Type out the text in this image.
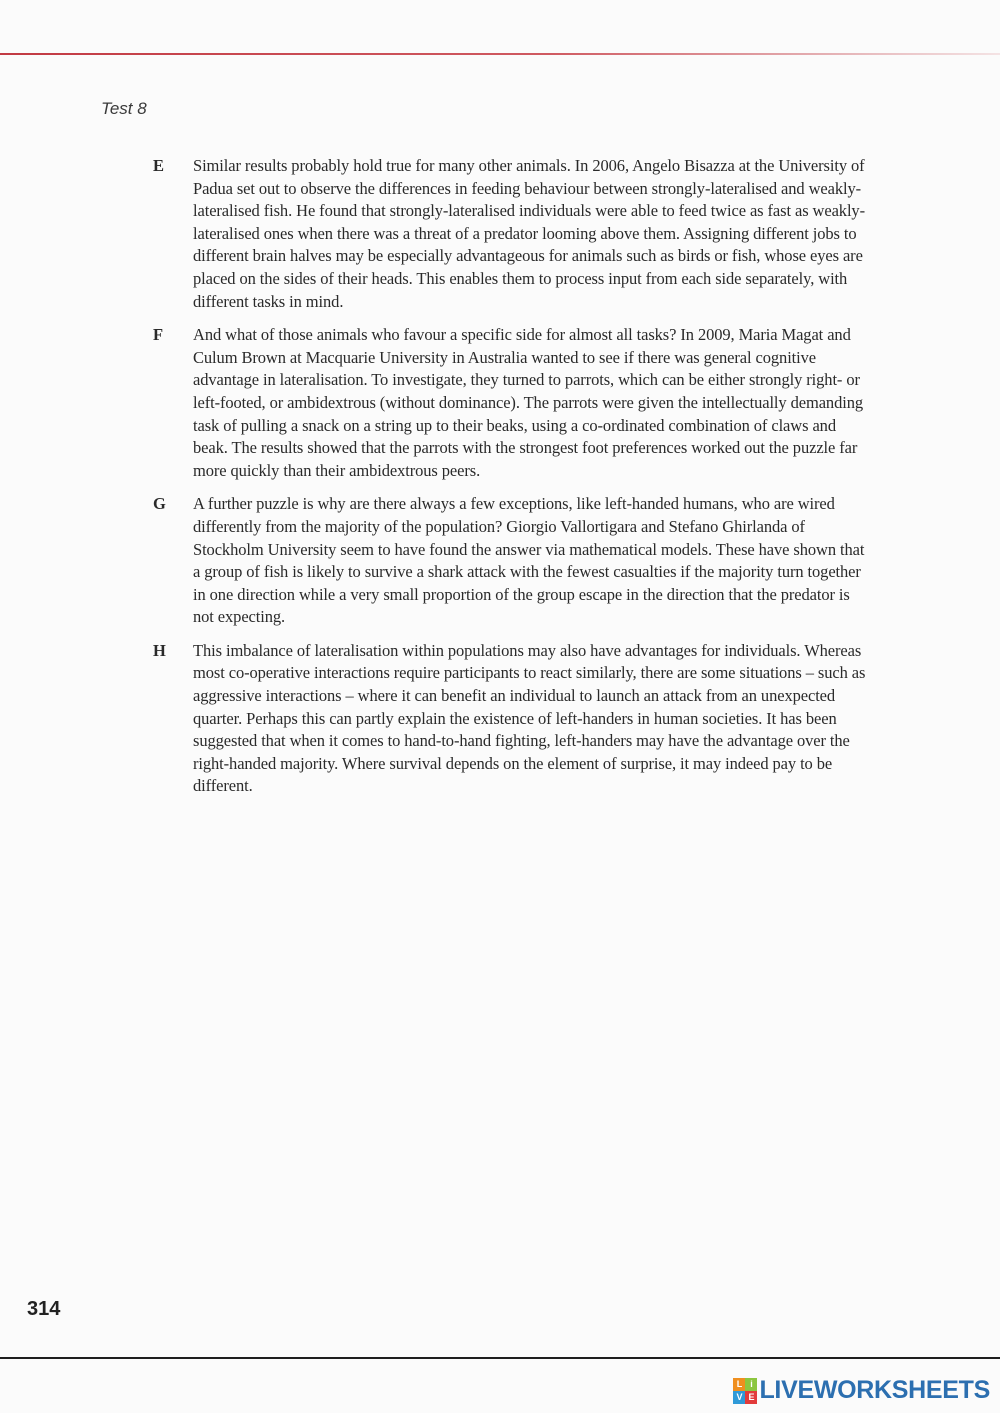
Test 8
E	Similar results probably hold true for many other animals. In 2006, Angelo Bisazza at the University of Padua set out to observe the differences in feeding behaviour between strongly-lateralised and weakly-lateralised fish. He found that strongly-lateralised individuals were able to feed twice as fast as weakly-lateralised ones when there was a threat of a predator looming above them. Assigning different jobs to different brain halves may be especially advantageous for animals such as birds or fish, whose eyes are placed on the sides of their heads. This enables them to process input from each side separately, with different tasks in mind.

F	And what of those animals who favour a specific side for almost all tasks? In 2009, Maria Magat and Culum Brown at Macquarie University in Australia wanted to see if there was general cognitive advantage in lateralisation. To investigate, they turned to parrots, which can be either strongly right- or left-footed, or ambidextrous (without dominance). The parrots were given the intellectually demanding task of pulling a snack on a string up to their beaks, using a co-ordinated combination of claws and beak. The results showed that the parrots with the strongest foot preferences worked out the puzzle far more quickly than their ambidextrous peers.

G	A further puzzle is why are there always a few exceptions, like left-handed humans, who are wired differently from the majority of the population? Giorgio Vallortigara and Stefano Ghirlanda of Stockholm University seem to have found the answer via mathematical models. These have shown that a group of fish is likely to survive a shark attack with the fewest casualties if the majority turn together in one direction while a very small proportion of the group escape in the direction that the predator is not expecting.

H	This imbalance of lateralisation within populations may also have advantages for individuals. Whereas most co-operative interactions require participants to react similarly, there are some situations – such as aggressive interactions – where it can benefit an individual to launch an attack from an unexpected quarter. Perhaps this can partly explain the existence of left-handers in human societies. It has been suggested that when it comes to hand-to-hand fighting, left-handers may have the advantage over the right-handed majority. Where survival depends on the element of surprise, it may indeed pay to be different.

314
L i
V E LIVEWORKSHEETS
